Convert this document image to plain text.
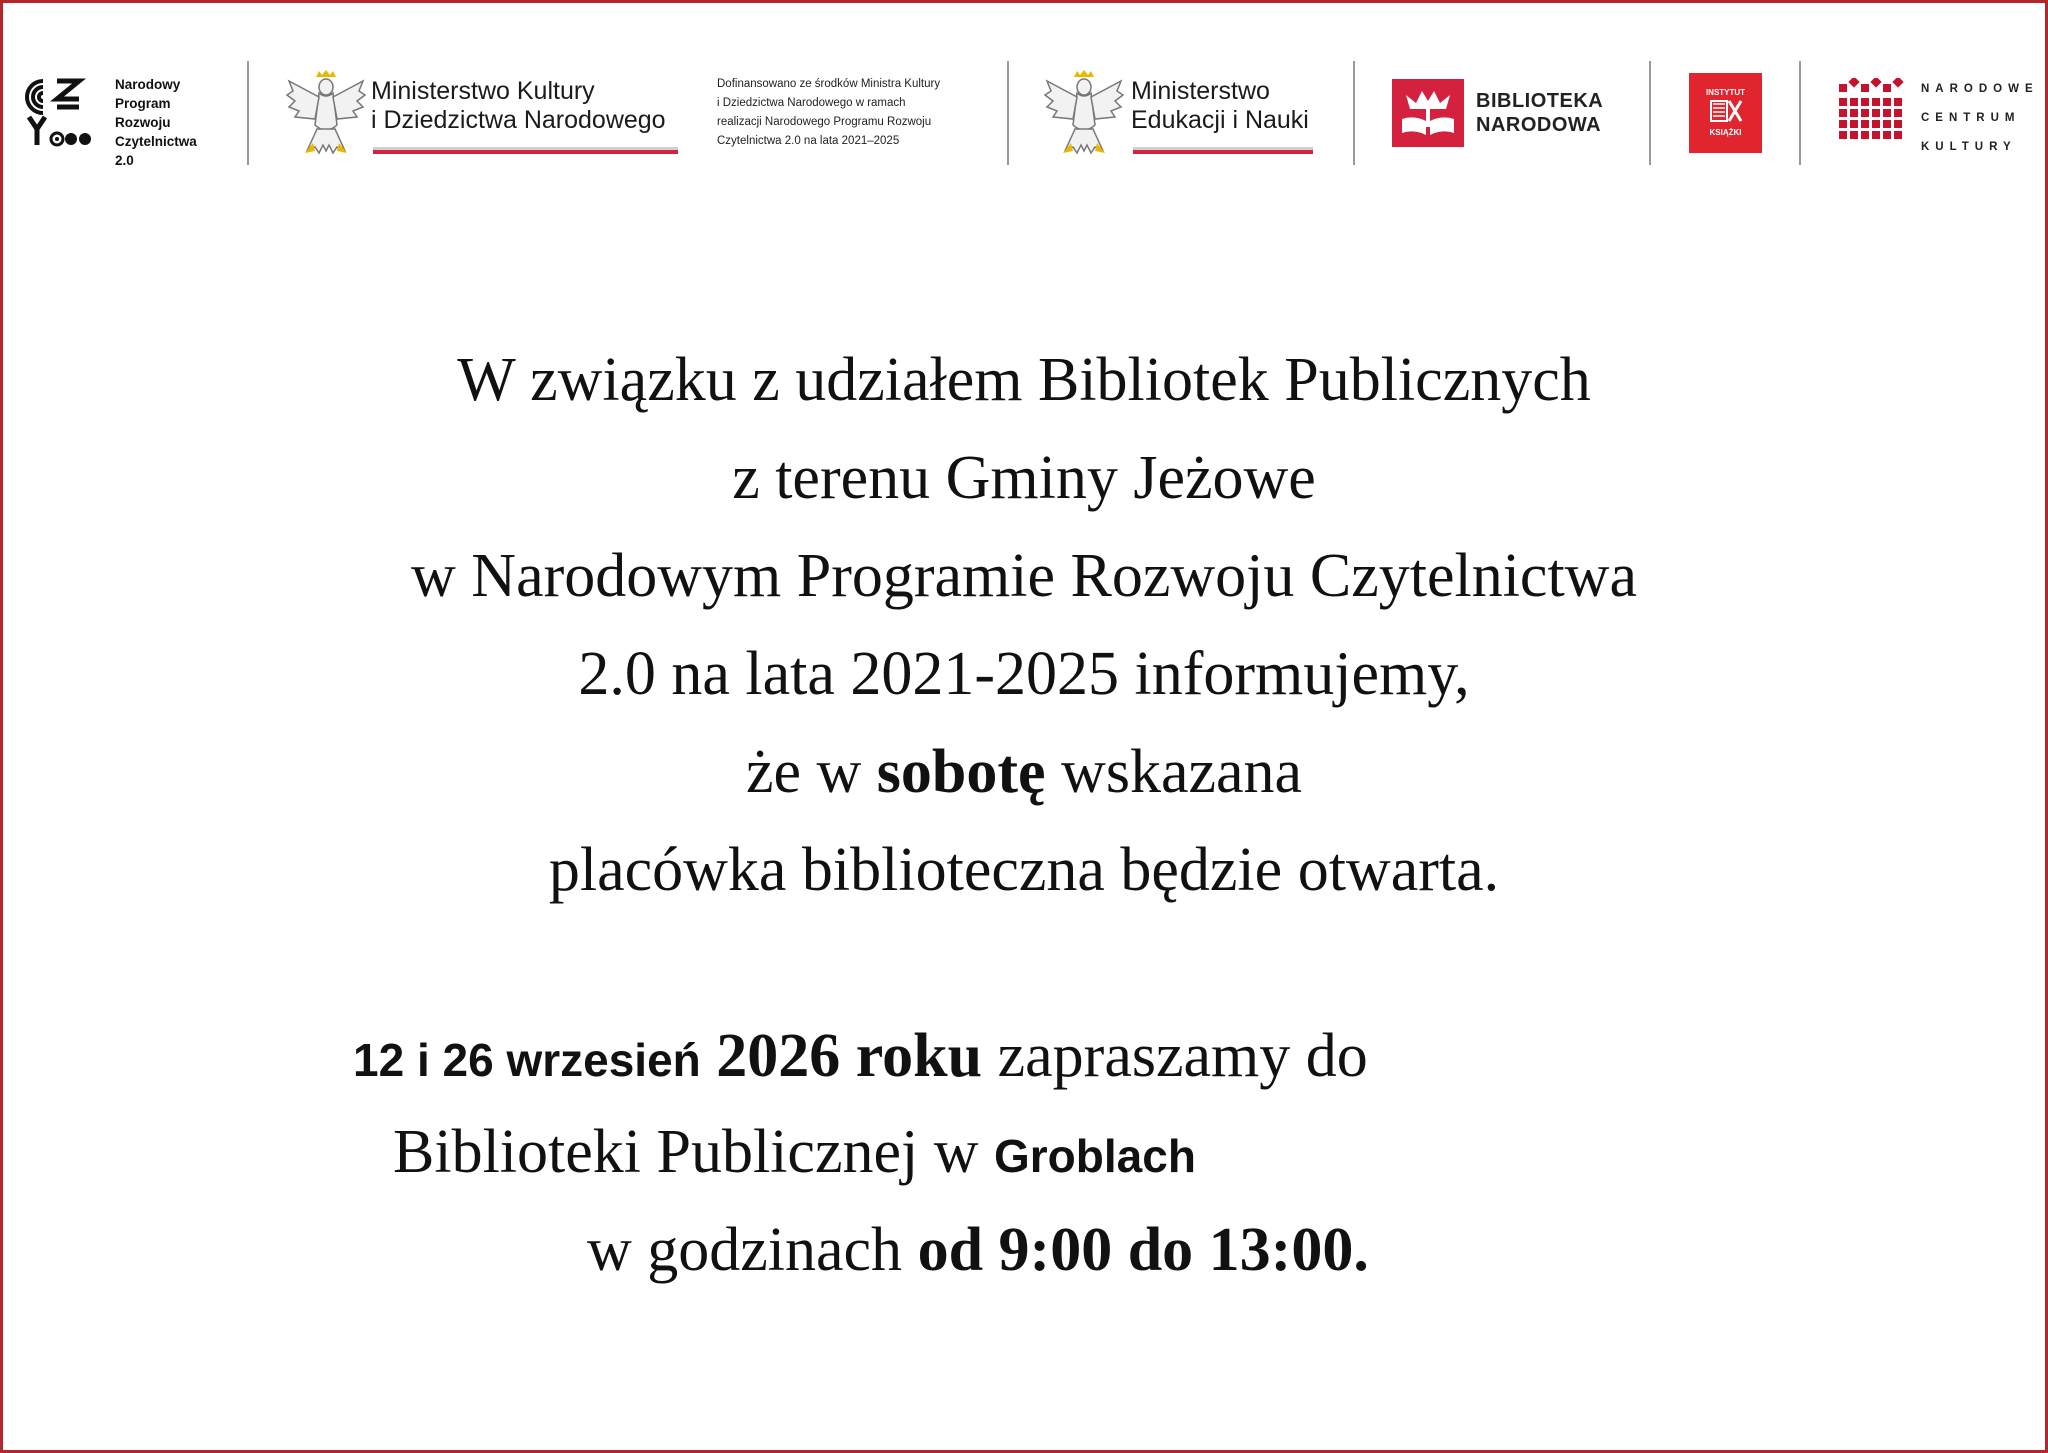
Narodowy
Program
Rozwoju
Czytelnictwa
2.0
Ministerstwo Kultury
i Dziedzictwa Narodowego
Dofinansowano ze środków Ministra Kultury
i Dziedzictwa Narodowego w ramach
realizacji Narodowego Programu Rozwoju
Czytelnictwa 2.0 na lata 2021–2025
Ministerstwo
Edukacji i Nauki
BIBLIOTEKA
NARODOWA
INSTYTUT
KSIĄŻKI
NARODOWE
CENTRUM
KULTURY
W związku z udziałem Bibliotek Publicznych
z terenu Gminy Jeżowe
w Narodowym Programie Rozwoju Czytelnictwa
2.0 na lata 2021-2025 informujemy,
że w sobotę wskazana
placówka biblioteczna będzie otwarta.
12 i 26 wrzesień 2026 roku zapraszamy do
Biblioteki Publicznej w Groblach
w godzinach od 9:00 do 13:00.
